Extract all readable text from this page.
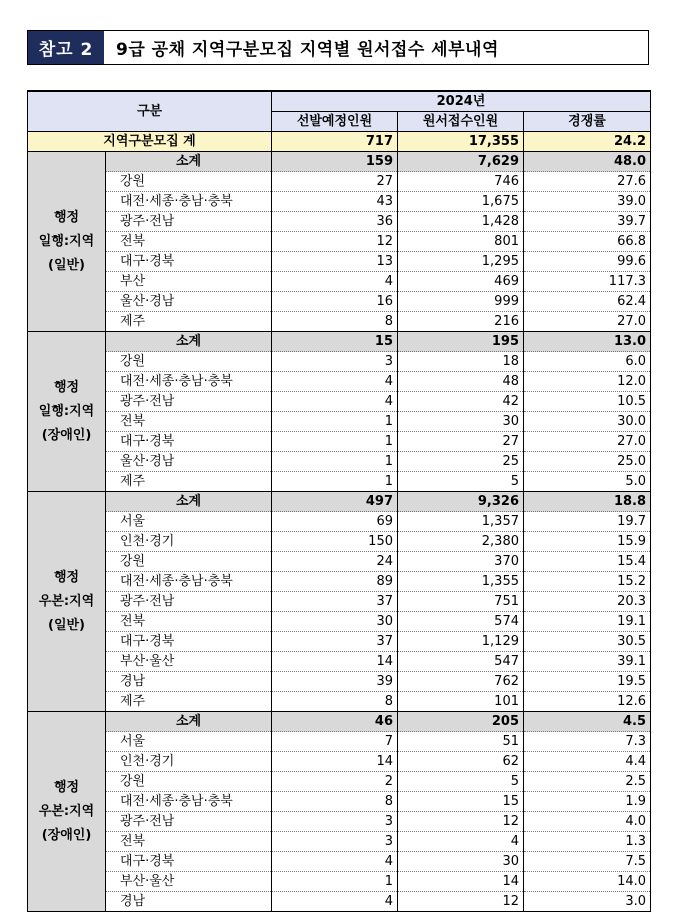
참고 2	9급 공채 지역구분모집 지역별 원서접수 세부내역
구분		2024년		
		선발예정인원	원서접수인원	경쟁률
지역구분모집 계		717	17,355	24.2

행정
일행:지역
(일반)	소계	159	7,629	48.0
	강원	27	746	27.6
	대전·세종·충남·충북	43	1,675	39.0
	광주·전남	36	1,428	39.7
	전북	12	801	66.8
	대구·경북	13	1,295	99.6
	부산	4	469	117.3
	울산·경남	16	999	62.4
	제주	8	216	27.0

행정
일행:지역
(장애인)	소계	15	195	13.0
	강원	3	18	6.0
	대전·세종·충남·충북	4	48	12.0
	광주·전남	4	42	10.5
	전북	1	30	30.0
	대구·경북	1	27	27.0
	울산·경남	1	25	25.0
	제주	1	5	5.0

행정
우본:지역
(일반)	소계	497	9,326	18.8
	서울	69	1,357	19.7
	인천·경기	150	2,380	15.9
	강원	24	370	15.4
	대전·세종·충남·충북	89	1,355	15.2
	광주·전남	37	751	20.3
	전북	30	574	19.1
	대구·경북	37	1,129	30.5
	부산·울산	14	547	39.1
	경남	39	762	19.5
	제주	8	101	12.6

행정
우본:지역
(장애인)	소계	46	205	4.5
	서울	7	51	7.3
	인천·경기	14	62	4.4
	강원	2	5	2.5
	대전·세종·충남·충북	8	15	1.9
	광주·전남	3	12	4.0
	전북	3	4	1.3
	대구·경북	4	30	7.5
	부산·울산	1	14	14.0
	경남	4	12	3.0
